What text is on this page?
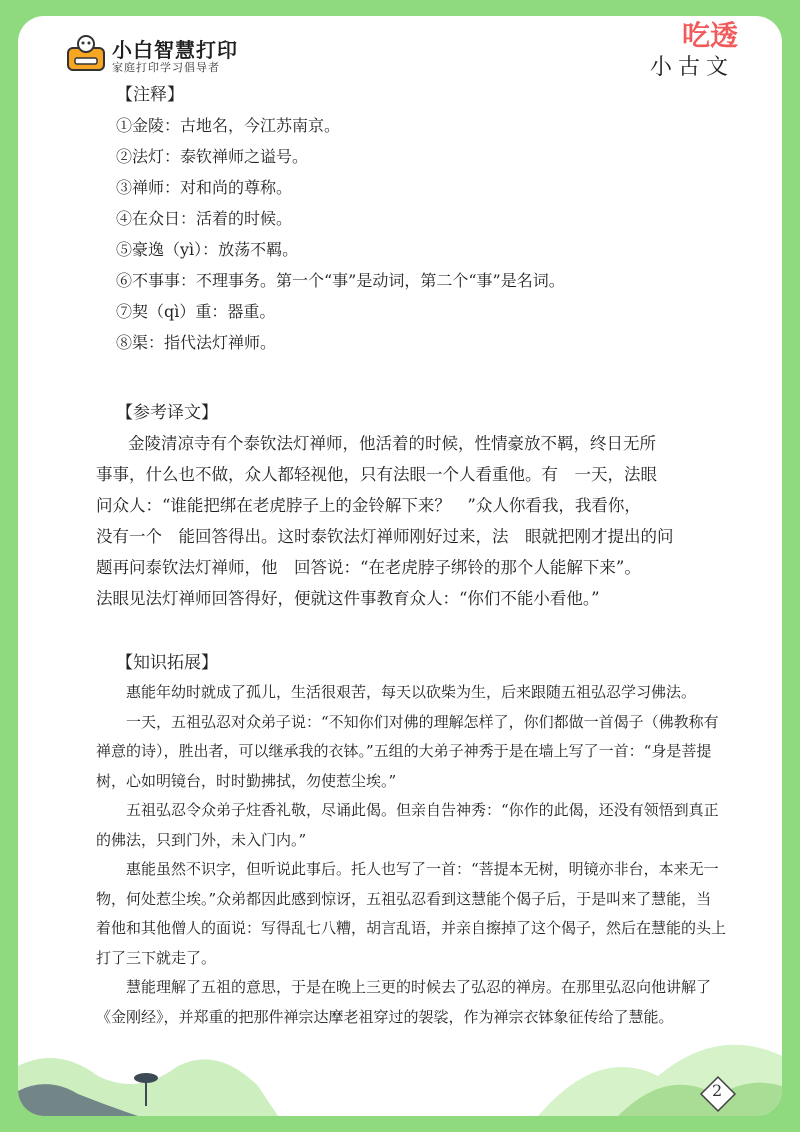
小白智慧打印
家庭打印学习倡导者
吃透
小古文

【注释】

①金陵：古地名，今江苏南京。

②法灯：泰钦禅师之谥号。

③禅师：对和尚的尊称。

④在众日：活着的时候。

⑤豪逸（yì）：放荡不羁。

⑥不事事：不理事务。第一个“事”是动词，第二个“事”是名词。

⑦契（qì）重：器重。

⑧渠：指代法灯禅师。

【参考译文】

金陵清凉寺有个泰钦法灯禅师，他活着的时候，性情豪放不羁，终日无所

事事，什么也不做，众人都轻视他，只有法眼一个人看重他。有　一天，法眼

问众人：“谁能把绑在老虎脖子上的金铃解下来？　”众人你看我，我看你，

没有一个　能回答得出。这时泰钦法灯禅师刚好过来，法　眼就把刚才提出的问

题再问泰钦法灯禅师，他　回答说：“在老虎脖子绑铃的那个人能解下来”。

法眼见法灯禅师回答得好，便就这件事教育众人：“你们不能小看他。”

【知识拓展】

惠能年幼时就成了孤儿，生活很艰苦，每天以砍柴为生，后来跟随五祖弘忍学习佛法。

一天，五祖弘忍对众弟子说：“不知你们对佛的理解怎样了，你们都做一首偈子（佛教称有禅意的诗），胜出者，可以继承我的衣钵。”五组的大弟子神秀于是在墙上写了一首：“身是菩提树，心如明镜台，时时勤拂拭，勿使惹尘埃。”

五祖弘忍令众弟子炷香礼敬，尽诵此偈。但亲自告神秀：“你作的此偈，还没有领悟到真正的佛法，只到门外，未入门内。”

惠能虽然不识字，但听说此事后。托人也写了一首：“菩提本无树，明镜亦非台，本来无一物，何处惹尘埃。”众弟都因此感到惊讶，五祖弘忍看到这慧能个偈子后，于是叫来了慧能，当着他和其他僧人的面说：写得乱七八糟，胡言乱语，并亲自擦掉了这个偈子，然后在慧能的头上打了三下就走了。

慧能理解了五祖的意思，于是在晚上三更的时候去了弘忍的禅房。在那里弘忍向他讲解了《金刚经》，并郑重的把那件禅宗达摩老祖穿过的袈裟，作为禅宗衣钵象征传给了慧能。

2
